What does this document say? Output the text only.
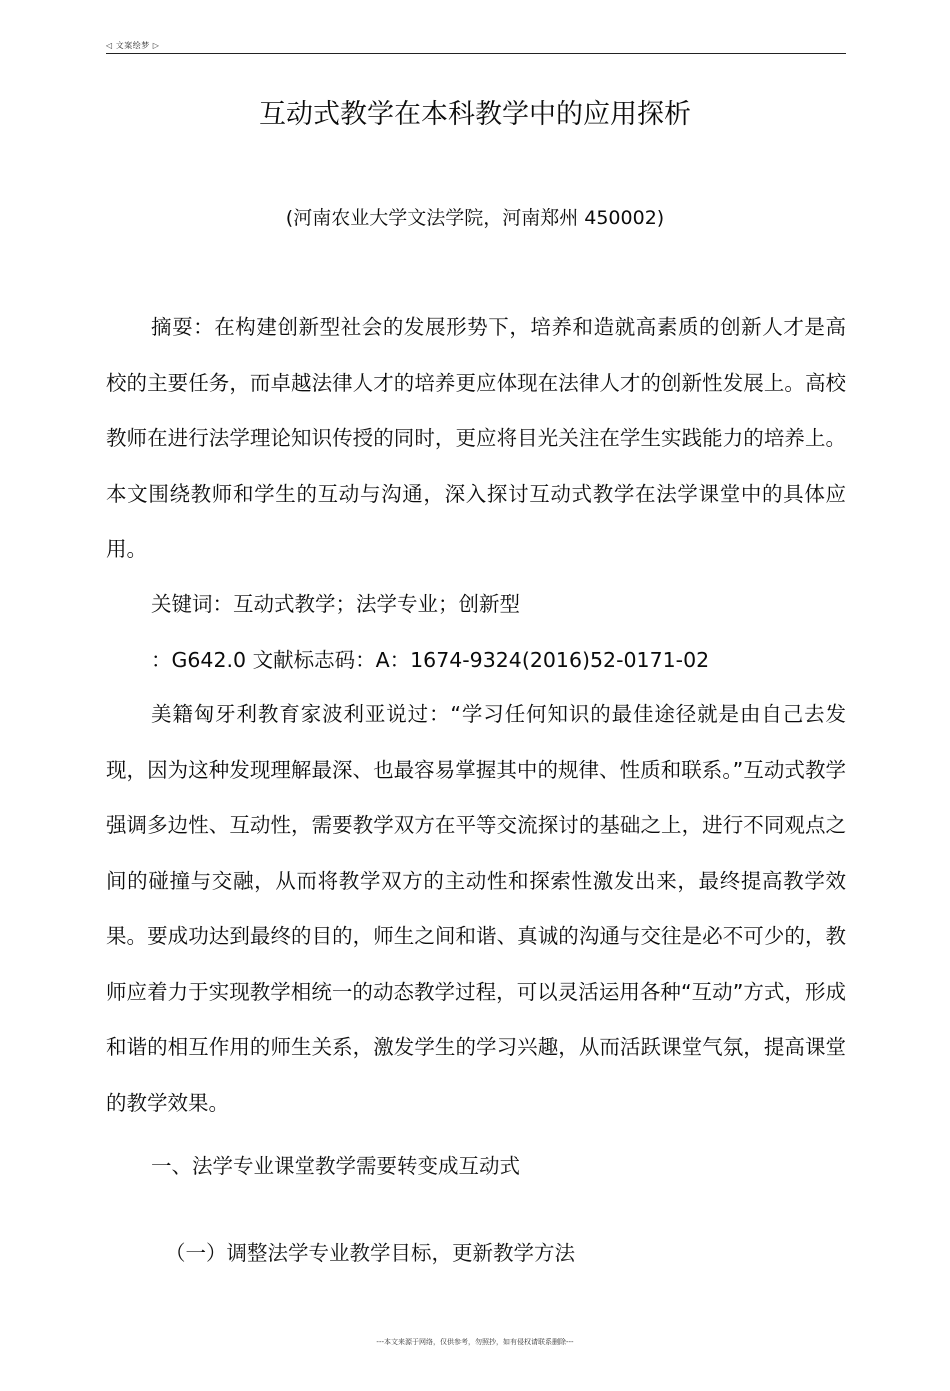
◁ 文案绘梦 ▷
互动式教学在本科教学中的应用探析
(河南农业大学文法学院，河南郑州 450002)

摘耍：在构建创新型社会的发展形势下，培养和造就高素质的创新人才是高校的主要任务，而卓越法律人才的培养更应体现在法律人才的创新性发展上。高校教师在进行法学理论知识传授的同时，更应将目光关注在学生实践能力的培养上。本文围绕教师和学生的互动与沟通，深入探讨互动式教学在法学课堂中的具体应用。

关键词：互动式教学；法学专业；创新型

：G642.0 文献标志码：A：1674-9324(2016)52-0171-02

美籍匈牙利教育家波利亚说过：“学习任何知识的最佳途径就是由自己去发现，因为这种发现理解最深、也最容易掌握其中的规律、性质和联系。”互动式教学强调多边性、互动性，需要教学双方在平等交流探讨的基础之上，进行不同观点之间的碰撞与交融，从而将教学双方的主动性和探索性激发出来，最终提高教学效果。要成功达到最终的目的，师生之间和谐、真诚的沟通与交往是必不可少的，教师应着力于实现教学相统一的动态教学过程，可以灵活运用各种“互动”方式，形成和谐的相互作用的师生关系，激发学生的学习兴趣，从而活跃课堂气氛，提高课堂的教学效果。

一、法学专业课堂教学需要转变成互动式
（一）调整法学专业教学目标，更新教学方法
---本文来源于网络，仅供参考，勿照抄，如有侵权请联系删除---
